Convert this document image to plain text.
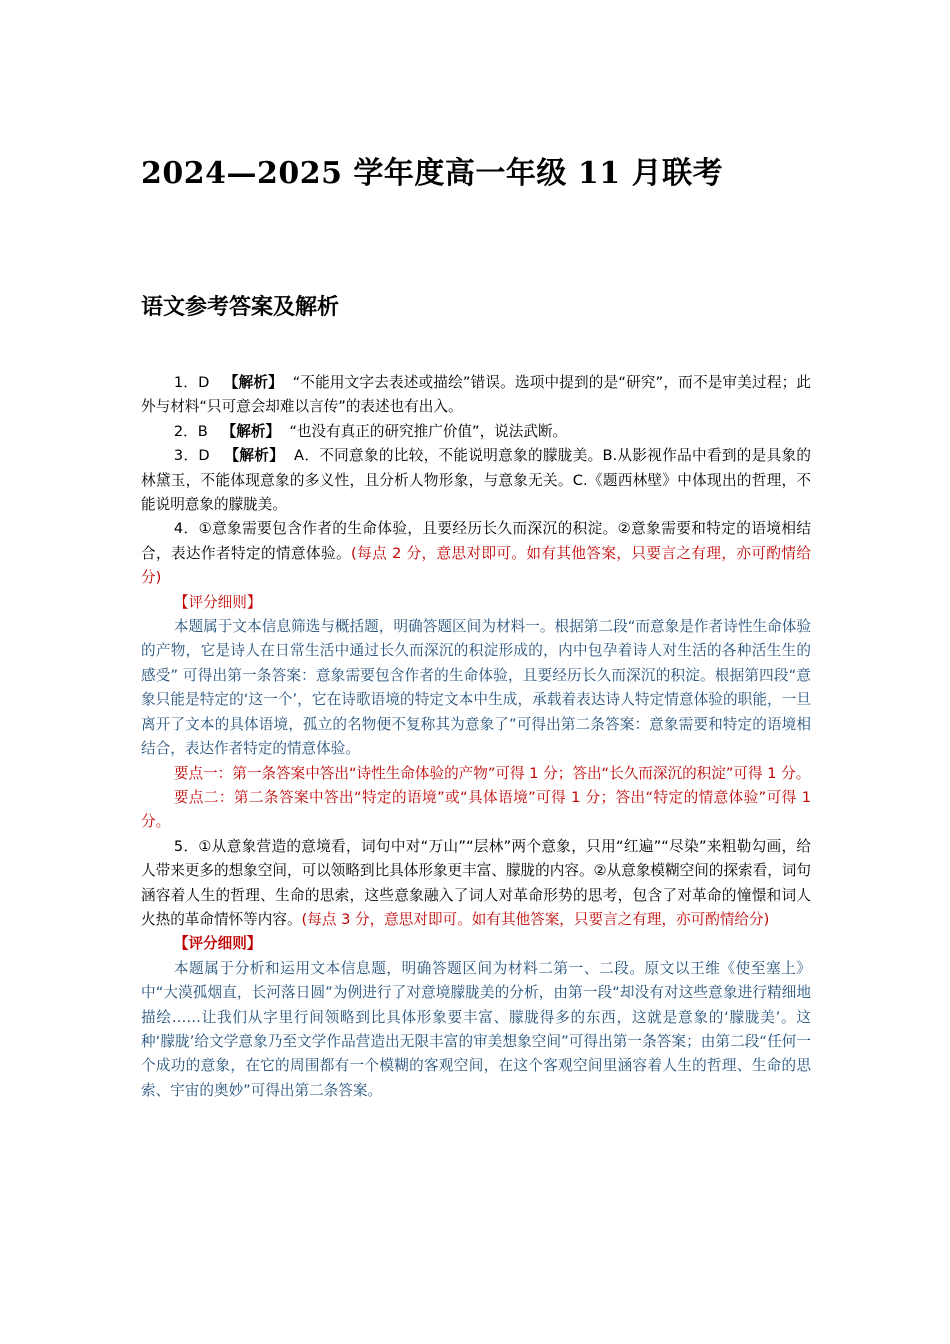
2024—2025 学年度高一年级 11 月联考
语文参考答案及解析

1．D 【解析】 “不能用文字去表述或描绘”错误。选项中提到的是“研究”，而不是审美过程；此外与材料“只可意会却难以言传”的表述也有出入。

2．B 【解析】 “也没有真正的研究推广价值”，说法武断。

3．D 【解析】 A．不同意象的比较，不能说明意象的朦胧美。B.从影视作品中看到的是具象的林黛玉，不能体现意象的多义性，且分析人物形象，与意象无关。C.《题西林壁》中体现出的哲理，不能说明意象的朦胧美。

4．①意象需要包含作者的生命体验，且要经历长久而深沉的积淀。②意象需要和特定的语境相结合，表达作者特定的情意体验。(每点 2 分，意思对即可。如有其他答案，只要言之有理，亦可酌情给分)

【评分细则】

本题属于文本信息筛选与概括题，明确答题区间为材料一。根据第二段“而意象是作者诗性生命体验的产物，它是诗人在日常生活中通过长久而深沉的积淀形成的，内中包孕着诗人对生活的各种活生生的感受” 可得出第一条答案：意象需要包含作者的生命体验，且要经历长久而深沉的积淀。根据第四段“意象只能是特定的‘这一个’，它在诗歌语境的特定文本中生成，承载着表达诗人特定情意体验的职能，一旦离开了文本的具体语境，孤立的名物便不复称其为意象了”可得出第二条答案：意象需要和特定的语境相结合，表达作者特定的情意体验。

要点一：第一条答案中答出“诗性生命体验的产物”可得 1 分；答出“长久而深沉的积淀”可得 1 分。

要点二：第二条答案中答出“特定的语境”或“具体语境”可得 1 分；答出“特定的情意体验”可得 1 分。

5．①从意象营造的意境看，词句中对“万山”“层林”两个意象，只用“红遍”“尽染”来粗勒勾画，给人带来更多的想象空间，可以领略到比具体形象更丰富、朦胧的内容。②从意象模糊空间的探索看，词句涵容着人生的哲理、生命的思索，这些意象融入了词人对革命形势的思考，包含了对革命的憧憬和词人火热的革命情怀等内容。(每点 3 分，意思对即可。如有其他答案，只要言之有理，亦可酌情给分)

【评分细则】

本题属于分析和运用文本信息题，明确答题区间为材料二第一、二段。原文以王维《使至塞上》中“大漠孤烟直，长河落日圆”为例进行了对意境朦胧美的分析，由第一段“却没有对这些意象进行精细地描绘……让我们从字里行间领略到比具体形象要丰富、朦胧得多的东西，这就是意象的‘朦胧美’。这种‘朦胧’给文学意象乃至文学作品营造出无限丰富的审美想象空间”可得出第一条答案；由第二段“任何一个成功的意象，在它的周围都有一个模糊的客观空间，在这个客观空间里涵容着人生的哲理、生命的思索、宇宙的奥妙”可得出第二条答案。
